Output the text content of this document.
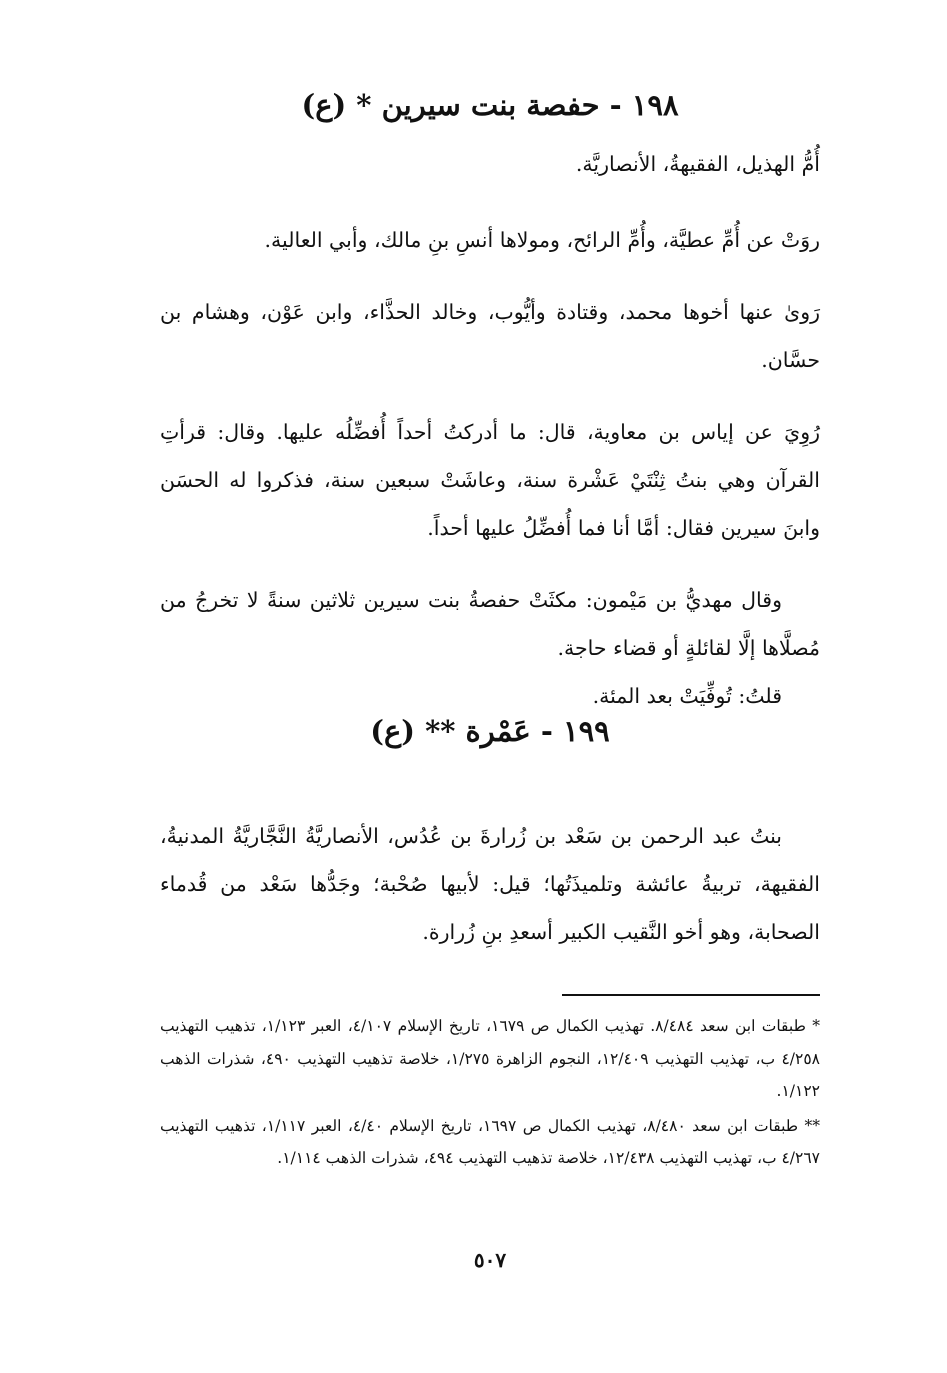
١٩٨ - حفصة بنت سيرين * (ع)

أُمُّ الهذيل، الفقيهةُ، الأنصاريَّة.

روَتْ عن أُمِّ عطيَّة، وأُمِّ الرائح، ومولاها أنسِ بنِ مالك، وأبي العالية.

رَوىٰ عنها أخوها محمد، وقتادة وأيُّوب، وخالد الحذَّاء، وابن عَوْن، وهشام بن حسَّان.

رُوِيَ عن إياس بن معاوية، قال: ما أدركتُ أحداً أُفضِّلُه عليها. وقال: قرأتِ القرآن وهي بنتُ ثِنْتَيْ عَشْرة سنة، وعاشَتْ سبعين سنة، فذكروا له الحسَن وابنَ سيرين فقال: أمَّا أنا فما أُفضِّلُ عليها أحداً.

وقال مهديُّ بن مَيْمون: مكثَتْ حفصةُ بنت سيرين ثلاثين سنةً لا تخرجُ من مُصلَّاها إلَّا لقائلةٍ أو قضاء حاجة.

قلتُ: تُوفِّيَتْ بعد المئة.

١٩٩ - عَمْرة ** (ع)

بنتُ عبد الرحمن بن سَعْد بن زُرارةَ بن عُدُس، الأنصاريَّةُ النَّجَّاريَّةُ المدنيةُ، الفقيهة، تربيةُ عائشة وتلميذَتُها؛ قيل: لأبيها صُحْبة؛ وجَدُّها سَعْد من قُدماء الصحابة، وهو أخو النَّقيب الكبير أسعدِ بنِ زُرارة.

* طبقات ابن سعد ٨/٤٨٤. تهذيب الكمال ص ١٦٧٩، تاريخ الإسلام ٤/١٠٧، العبر ١/١٢٣، تذهيب التهذيب ٤/٢٥٨ ب، تهذيب التهذيب ١٢/٤٠٩، النجوم الزاهرة ١/٢٧٥، خلاصة تذهيب التهذيب ٤٩٠، شذرات الذهب ١/١٢٢.

** طبقات ابن سعد ٨/٤٨٠، تهذيب الكمال ص ١٦٩٧، تاريخ الإسلام ٤/٤٠، العبر ١/١١٧، تذهيب التهذيب ٤/٢٦٧ ب، تهذيب التهذيب ١٢/٤٣٨، خلاصة تذهيب التهذيب ٤٩٤، شذرات الذهب ١/١١٤.

٥٠٧
